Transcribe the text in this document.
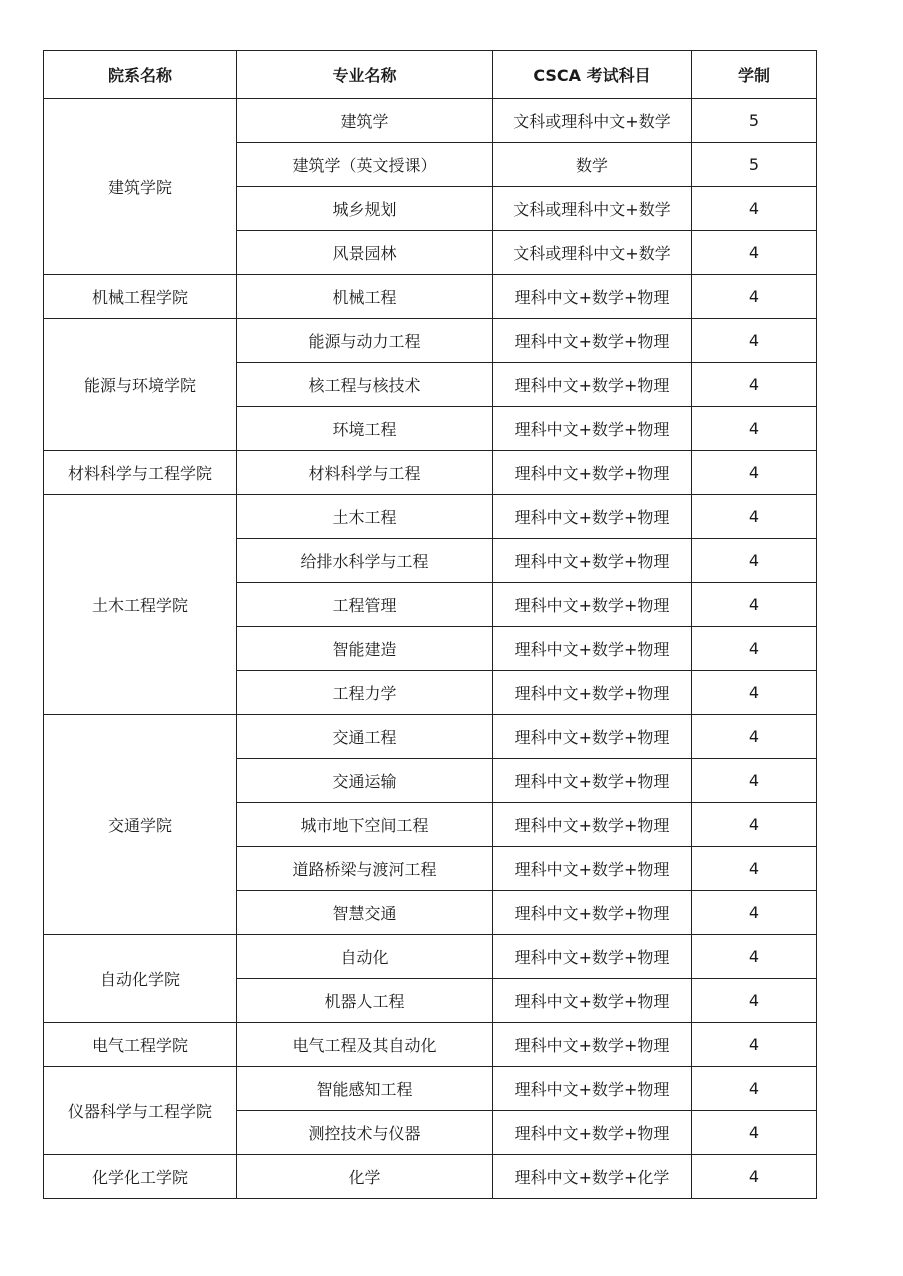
院系名称	专业名称	CSCA 考试科目	学制
建筑学院	建筑学	文科或理科中文+数学	5
	建筑学（英文授课）	数学	5
	城乡规划	文科或理科中文+数学	4
	风景园林	文科或理科中文+数学	4
机械工程学院	机械工程	理科中文+数学+物理	4
能源与环境学院	能源与动力工程	理科中文+数学+物理	4
	核工程与核技术	理科中文+数学+物理	4
	环境工程	理科中文+数学+物理	4
材料科学与工程学院	材料科学与工程	理科中文+数学+物理	4
土木工程学院	土木工程	理科中文+数学+物理	4
	给排水科学与工程	理科中文+数学+物理	4
	工程管理	理科中文+数学+物理	4
	智能建造	理科中文+数学+物理	4
	工程力学	理科中文+数学+物理	4
交通学院	交通工程	理科中文+数学+物理	4
	交通运输	理科中文+数学+物理	4
	城市地下空间工程	理科中文+数学+物理	4
	道路桥梁与渡河工程	理科中文+数学+物理	4
	智慧交通	理科中文+数学+物理	4
自动化学院	自动化	理科中文+数学+物理	4
	机器人工程	理科中文+数学+物理	4
电气工程学院	电气工程及其自动化	理科中文+数学+物理	4
仪器科学与工程学院	智能感知工程	理科中文+数学+物理	4
	测控技术与仪器	理科中文+数学+物理	4
化学化工学院	化学	理科中文+数学+化学	4
